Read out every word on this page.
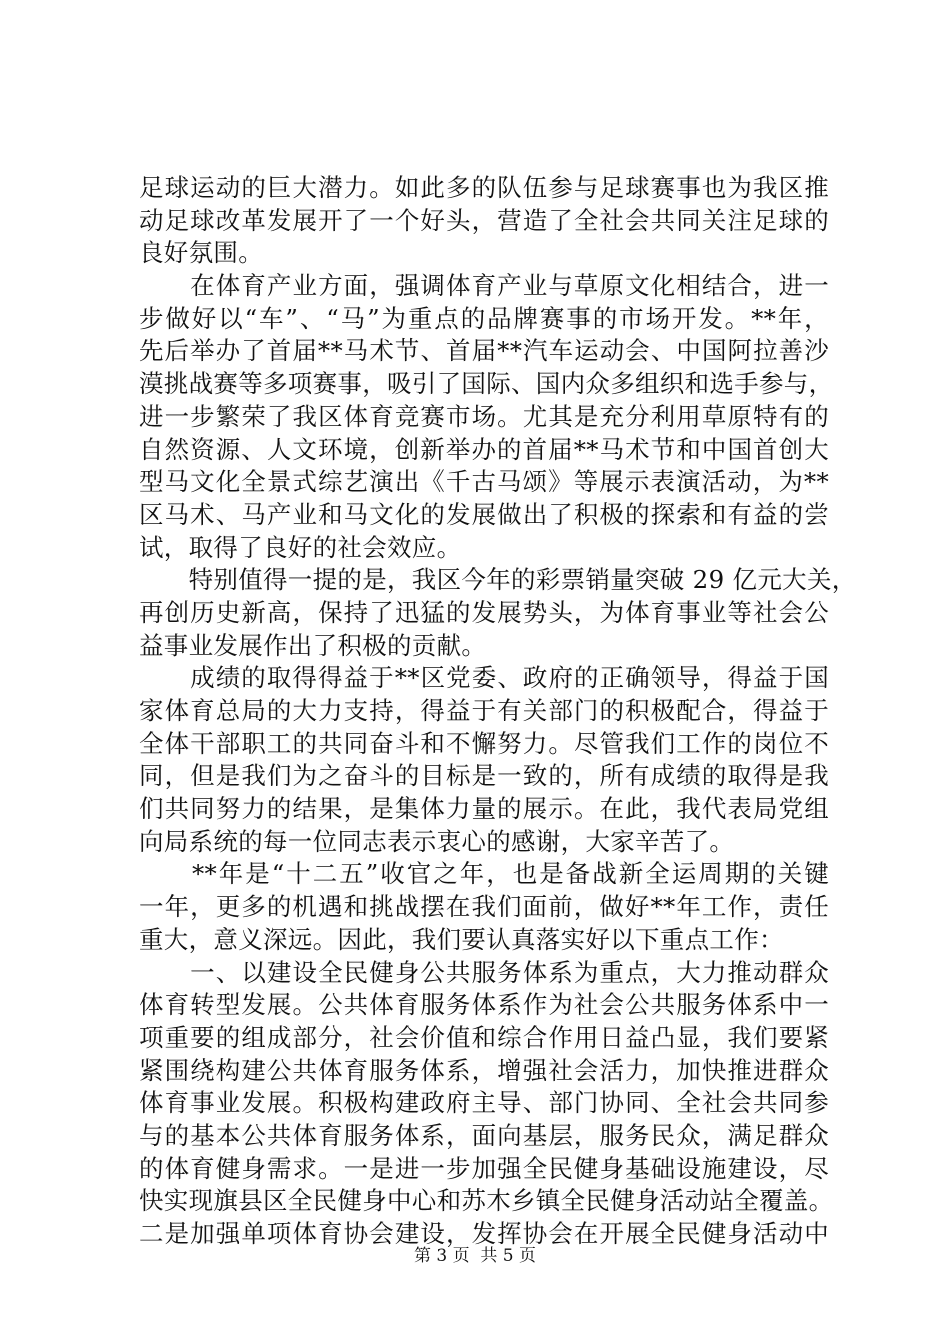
足球运动的巨大潜力。如此多的队伍参与足球赛事也为我区推
动足球改革发展开了一个好头，营造了全社会共同关注足球的
良好氛围。
　　在体育产业方面，强调体育产业与草原文化相结合，进一
步做好以“车”、“马”为重点的品牌赛事的市场开发。**年，
先后举办了首届**马术节、首届**汽车运动会、中国阿拉善沙
漠挑战赛等多项赛事，吸引了国际、国内众多组织和选手参与，
进一步繁荣了我区体育竞赛市场。尤其是充分利用草原特有的
自然资源、人文环境，创新举办的首届**马术节和中国首创大
型马文化全景式综艺演出《千古马颂》等展示表演活动，为**
区马术、马产业和马文化的发展做出了积极的探索和有益的尝
试，取得了良好的社会效应。
　　特别值得一提的是，我区今年的彩票销量突破 29 亿元大关，
再创历史新高，保持了迅猛的发展势头，为体育事业等社会公
益事业发展作出了积极的贡献。
　　成绩的取得得益于**区党委、政府的正确领导，得益于国
家体育总局的大力支持，得益于有关部门的积极配合，得益于
全体干部职工的共同奋斗和不懈努力。尽管我们工作的岗位不
同，但是我们为之奋斗的目标是一致的，所有成绩的取得是我
们共同努力的结果，是集体力量的展示。在此，我代表局党组
向局系统的每一位同志表示衷心的感谢，大家辛苦了。
　　**年是“十二五”收官之年，也是备战新全运周期的关键
一年，更多的机遇和挑战摆在我们面前，做好**年工作，责任
重大，意义深远。因此，我们要认真落实好以下重点工作：
　　一、以建设全民健身公共服务体系为重点，大力推动群众
体育转型发展。公共体育服务体系作为社会公共服务体系中一
项重要的组成部分，社会价值和综合作用日益凸显，我们要紧
紧围绕构建公共体育服务体系，增强社会活力，加快推进群众
体育事业发展。积极构建政府主导、部门协同、全社会共同参
与的基本公共体育服务体系，面向基层，服务民众，满足群众
的体育健身需求。一是进一步加强全民健身基础设施建设，尽
快实现旗县区全民健身中心和苏木乡镇全民健身活动站全覆盖。
二是加强单项体育协会建设，发挥协会在开展全民健身活动中
第 3 页  共 5 页
